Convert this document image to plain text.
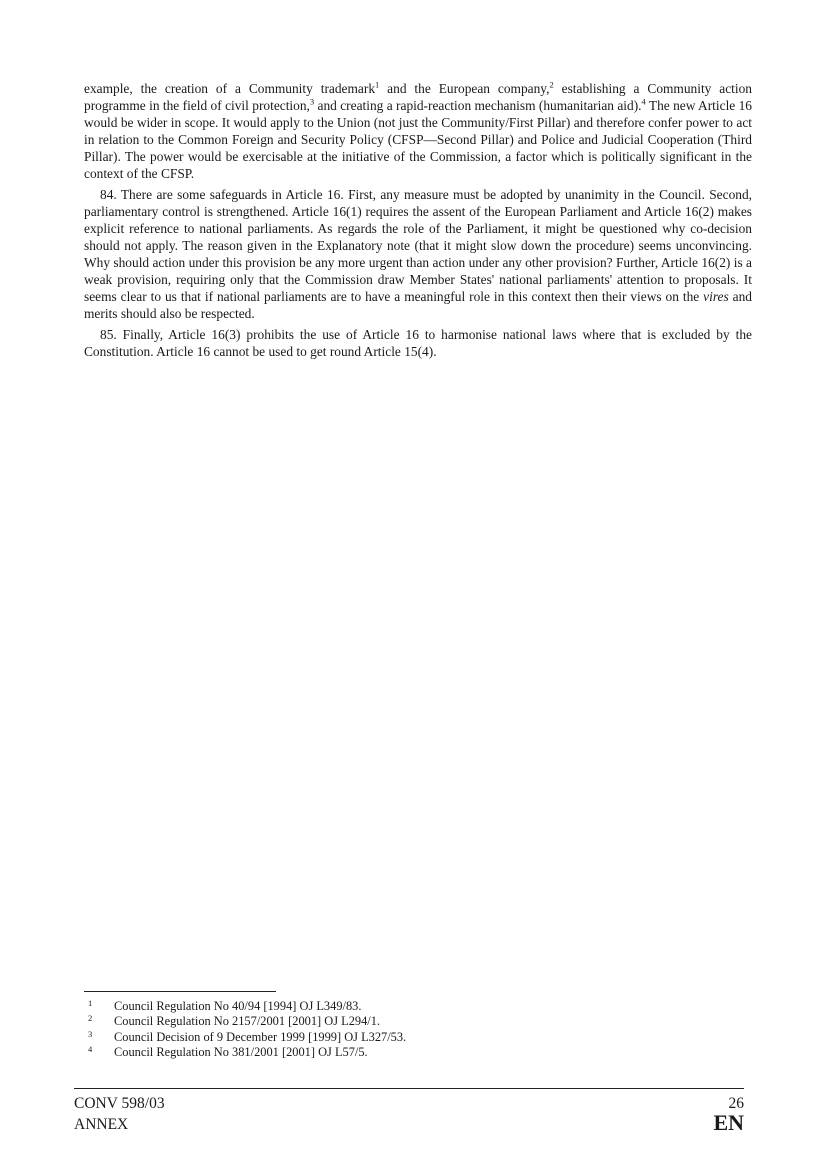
example, the creation of a Community trademark$^1$ and the European company,$^2$ establishing a Community action programme in the field of civil protection,$^3$ and creating a rapid-reaction mechanism (humanitarian aid).$^4$ The new Article 16 would be wider in scope. It would apply to the Union (not just the Community/First Pillar) and therefore confer power to act in relation to the Common Foreign and Security Policy (CFSP—Second Pillar) and Police and Judicial Cooperation (Third Pillar). The power would be exercisable at the initiative of the Commission, a factor which is politically significant in the context of the CFSP.

84. There are some safeguards in Article 16. First, any measure must be adopted by unanimity in the Council. Second, parliamentary control is strengthened. Article 16(1) requires the assent of the European Parliament and Article 16(2) makes explicit reference to national parliaments. As regards the role of the Parliament, it might be questioned why co-decision should not apply. The reason given in the Explanatory note (that it might slow down the procedure) seems unconvincing. Why should action under this provision be any more urgent than action under any other provision? Further, Article 16(2) is a weak provision, requiring only that the Commission draw Member States' national parliaments' attention to proposals. It seems clear to us that if national parliaments are to have a meaningful role in this context then their views on the vires and merits should also be respected.

85. Finally, Article 16(3) prohibits the use of Article 16 to harmonise national laws where that is excluded by the Constitution. Article 16 cannot be used to get round Article 15(4).

1 Council Regulation No 40/94 [1994] OJ L349/83.
2 Council Regulation No 2157/2001 [2001] OJ L294/1.
3 Council Decision of 9 December 1999 [1999] OJ L327/53.
4 Council Regulation No 381/2001 [2001] OJ L57/5.
CONV 598/03
ANNEX
26
EN
